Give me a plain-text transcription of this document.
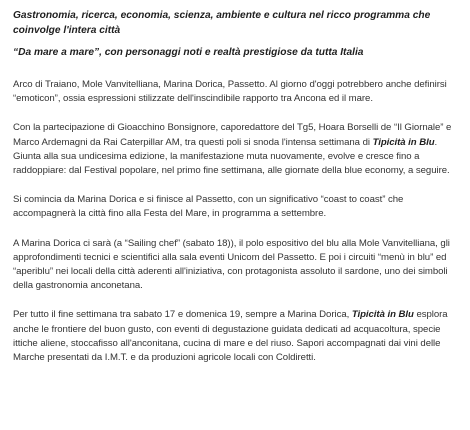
Gastronomia, ricerca, economia, scienza, ambiente e cultura nel ricco programma che coinvolge l'intera città

“Da mare a mare”, con personaggi noti e realtà prestigiose da tutta Italia

Arco di Traiano, Mole Vanvitelliana, Marina Dorica, Passetto. Al giorno d'oggi potrebbero anche definirsi “emoticon”, ossia espressioni stilizzate dell'inscindibile rapporto tra Ancona ed il mare.

Con la partecipazione di Gioacchino Bonsignore, caporedattore del Tg5, Hoara Borselli de “Il Giornale” e Marco Ardemagni da Rai Caterpillar AM, tra questi poli si snoda l'intensa settimana di Tipicità in Blu. Giunta alla sua undicesima edizione, la manifestazione muta nuovamente, evolve e cresce fino a raddoppiare: dal Festival popolare, nel primo fine settimana, alle giornate della blue economy, a seguire.

Si comincia da Marina Dorica e si finisce al Passetto, con un significativo “coast to coast” che accompagnerà la città fino alla Festa del Mare, in programma a settembre.

A Marina Dorica ci sarà (a “Sailing chef” (sabato 18)), il polo espositivo del blu alla Mole Vanvitelliana, gli approfondimenti tecnici e scientifici alla sala eventi Unicom del Passetto. E poi i circuiti “menù in blu” ed “aperiblu” nei locali della città aderenti all'iniziativa, con protagonista assoluto il sardone, uno dei simboli della gastronomia anconetana.

Per tutto il fine settimana tra sabato 17 e domenica 19, sempre a Marina Dorica, Tipicità in Blu esplora anche le frontiere del buon gusto, con eventi di degustazione guidata dedicati ad acquacoltura, specie ittiche aliene, stoccafisso all'anconitana, cucina di mare e del riuso. Sapori accompagnati dai vini delle Marche presentati da I.M.T. e da produzioni agricole locali con Coldiretti.
